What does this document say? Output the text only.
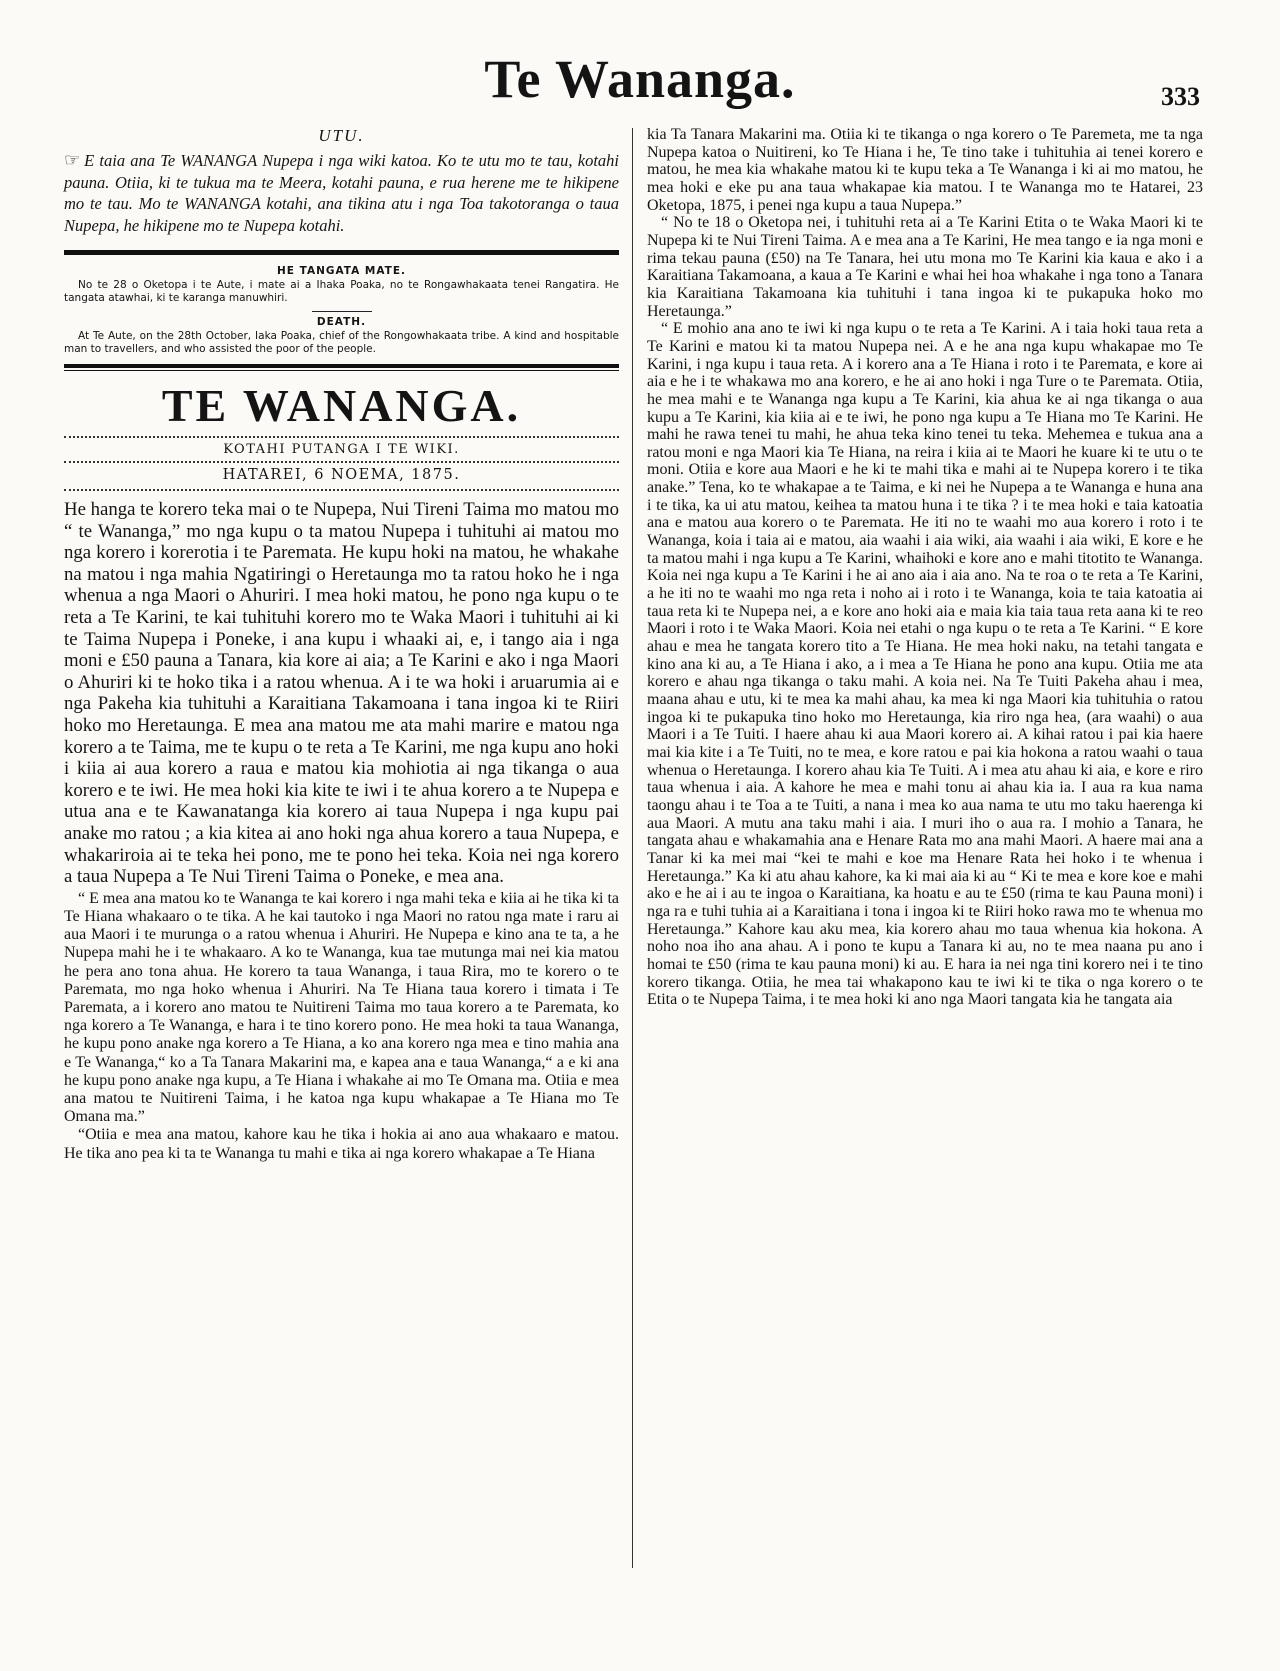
Te Wananga.	333
UTU.

☞ E taia ana Te WANANGA Nupepa i nga wiki katoa. Ko te utu mo te tau, kotahi pauna. Otiia, ki te tukua ma te Meera, kotahi pauna, e rua herene me te hikipene mo te tau. Mo te WANANGA kotahi, ana tikina atu i nga Toa takotoranga o taua Nupepa, he hikipene mo te Nupepa kotahi.

HE TANGATA MATE.

No te 28 o Oketopa i te Aute, i mate ai a Ihaka Poaka, no te Rongawhakaata tenei Rangatira. He tangata atawhai, ki te karanga manuwhiri.

DEATH.

At Te Aute, on the 28th October, Iaka Poaka, chief of the Rongowhakaata tribe. A kind and hospitable man to travellers, and who assisted the poor of the people.

TE WANANGA.
KOTAHI PUTANGA I TE WIKI.
HATAREI, 6 NOEMA, 1875.

He hanga te korero teka mai o te Nupepa, Nui Tireni Taima mo matou mo “ te Wananga,” mo nga kupu o ta matou Nupepa i tuhituhi ai matou mo nga korero i korerotia i te Paremata. He kupu hoki na matou, he whakahe na matou i nga mahia Ngatiringi o Heretaunga mo ta ratou hoko he i nga whenua a nga Maori o Ahuriri. I mea hoki matou, he pono nga kupu o te reta a Te Karini, te kai tuhituhi korero mo te Waka Maori i tuhituhi ai ki te Taima Nupepa i Poneke, i ana kupu i whaaki ai, e, i tango aia i nga moni e £50 pauna a Tanara, kia kore ai aia; a Te Karini e ako i nga Maori o Ahuriri ki te hoko tika i a ratou whenua. A i te wa hoki i aruarumia ai e nga Pakeha kia tuhituhi a Karaitiana Takamoana i tana ingoa ki te Riiri hoko mo Heretaunga. E mea ana matou me ata mahi marire e matou nga korero a te Taima, me te kupu o te reta a Te Karini, me nga kupu ano hoki i kiia ai aua korero a raua e matou kia mohiotia ai nga tikanga o aua korero e te iwi. He mea hoki kia kite te iwi i te ahua korero a te Nupepa e utua ana e te Kawanatanga kia korero ai taua Nupepa i nga kupu pai anake mo ratou ; a kia kitea ai ano hoki nga ahua korero a taua Nupepa, e whakariroia ai te teka hei pono, me te pono hei teka. Koia nei nga korero a taua Nupepa a Te Nui Tireni Taima o Poneke, e mea ana.

“ E mea ana matou ko te Wananga te kai korero i nga mahi teka e kiia ai he tika ki ta Te Hiana whakaaro o te tika. A he kai tautoko i nga Maori no ratou nga mate i raru ai aua Maori i te murunga o a ratou whenua i Ahuriri. He Nupepa e kino ana te ta, a he Nupepa mahi he i te whakaaro. A ko te Wananga, kua tae mutunga mai nei kia matou he pera ano tona ahua. He korero ta taua Wananga, i taua Rira, mo te korero o te Paremata, mo nga hoko whenua i Ahuriri. Na Te Hiana taua korero i timata i Te Paremata, a i korero ano matou te Nuitireni Taima mo taua korero a te Paremata, ko nga korero a Te Wananga, e hara i te tino korero pono. He mea hoki ta taua Wananga, he kupu pono anake nga korero a Te Hiana, a ko ana korero nga mea e tino mahia ana e Te Wananga,“ ko a Ta Tanara Makarini ma, e kapea ana e taua Wananga,“ a e ki ana he kupu pono anake nga kupu, a Te Hiana i whakahe ai mo Te Omana ma. Otiia e mea ana matou te Nuitireni Taima, i he katoa nga kupu whakapae a Te Hiana mo Te Omana ma.”

“Otiia e mea ana matou, kahore kau he tika i hokia ai ano aua whakaaro e matou. He tika ano pea ki ta te Wananga tu mahi e tika ai nga korero whakapae a Te Hiana

kia Ta Tanara Makarini ma. Otiia ki te tikanga o nga korero o Te Paremeta, me ta nga Nupepa katoa o Nuitireni, ko Te Hiana i he, Te tino take i tuhituhia ai tenei korero e matou, he mea kia whakahe matou ki te kupu teka a Te Wananga i ki ai mo matou, he mea hoki e eke pu ana taua whakapae kia matou. I te Wananga mo te Hatarei, 23 Oketopa, 1875, i penei nga kupu a taua Nupepa.”

“ No te 18 o Oketopa nei, i tuhituhi reta ai a Te Karini Etita o te Waka Maori ki te Nupepa ki te Nui Tireni Taima. A e mea ana a Te Karini, He mea tango e ia nga moni e rima tekau pauna (£50) na Te Tanara, hei utu mona mo Te Karini kia kaua e ako i a Karaitiana Takamoana, a kaua a Te Karini e whai hei hoa whakahe i nga tono a Tanara kia Karaitiana Takamoana kia tuhituhi i tana ingoa ki te pukapuka hoko mo Heretaunga.”

“ E mohio ana ano te iwi ki nga kupu o te reta a Te Karini. A i taia hoki taua reta a Te Karini e matou ki ta matou Nupepa nei. A e he ana nga kupu whakapae mo Te Karini, i nga kupu i taua reta. A i korero ana a Te Hiana i roto i te Paremata, e kore ai aia e he i te whakawa mo ana korero, e he ai ano hoki i nga Ture o te Paremata. Otiia, he mea mahi e te Wananga nga kupu a Te Karini, kia ahua ke ai nga tikanga o aua kupu a Te Karini, kia kiia ai e te iwi, he pono nga kupu a Te Hiana mo Te Karini. He mahi he rawa tenei tu mahi, he ahua teka kino tenei tu teka. Mehemea e tukua ana a ratou moni e nga Maori kia Te Hiana, na reira i kiia ai te Maori he kuare ki te utu o te moni. Otiia e kore aua Maori e he ki te mahi tika e mahi ai te Nupepa korero i te tika anake.” Tena, ko te whakapae a te Taima, e ki nei he Nupepa a te Wananga e huna ana i te tika, ka ui atu matou, keihea ta matou huna i te tika ? i te mea hoki e taia katoatia ana e matou aua korero o te Paremata. He iti no te waahi mo aua korero i roto i te Wananga, koia i taia ai e matou, aia waahi i aia wiki, aia waahi i aia wiki, E kore e he ta matou mahi i nga kupu a Te Karini, whaihoki e kore ano e mahi titotito te Wananga. Koia nei nga kupu a Te Karini i he ai ano aia i aia ano. Na te roa o te reta a Te Karini, a he iti no te waahi mo nga reta i noho ai i roto i te Wananga, koia te taia katoatia ai taua reta ki te Nupepa nei, a e kore ano hoki aia e maia kia taia taua reta aana ki te reo Maori i roto i te Waka Maori. Koia nei etahi o nga kupu o te reta a Te Karini. “ E kore ahau e mea he tangata korero tito a Te Hiana. He mea hoki naku, na tetahi tangata e kino ana ki au, a Te Hiana i ako, a i mea a Te Hiana he pono ana kupu. Otiia me ata korero e ahau nga tikanga o taku mahi. A koia nei. Na Te Tuiti Pakeha ahau i mea, maana ahau e utu, ki te mea ka mahi ahau, ka mea ki nga Maori kia tuhituhia o ratou ingoa ki te pukapuka tino hoko mo Heretaunga, kia riro nga hea, (ara waahi) o aua Maori i a Te Tuiti. I haere ahau ki aua Maori korero ai. A kihai ratou i pai kia haere mai kia kite i a Te Tuiti, no te mea, e kore ratou e pai kia hokona a ratou waahi o taua whenua o Heretaunga. I korero ahau kia Te Tuiti. A i mea atu ahau ki aia, e kore e riro taua whenua i aia. A kahore he mea e mahi tonu ai ahau kia ia. I aua ra kua nama taongu ahau i te Toa a te Tuiti, a nana i mea ko aua nama te utu mo taku haerenga ki aua Maori. A mutu ana taku mahi i aia. I muri iho o aua ra. I mohio a Tanara, he tangata ahau e whakamahia ana e Henare Rata mo ana mahi Maori. A haere mai ana a Tanar ki ka mei mai “kei te mahi e koe ma Henare Rata hei hoko i te whenua i Heretaunga.” Ka ki atu ahau kahore, ka ki mai aia ki au “ Ki te mea e kore koe e mahi ako e he ai i au te ingoa o Karaitiana, ka hoatu e au te £50 (rima te kau Pauna moni) i nga ra e tuhi tuhia ai a Karaitiana i tona i ingoa ki te Riiri hoko rawa mo te whenua mo Heretaunga.” Kahore kau aku mea, kia korero ahau mo taua whenua kia hokona. A noho noa iho ana ahau. A i pono te kupu a Tanara ki au, no te mea naana pu ano i homai te £50 (rima te kau pauna moni) ki au. E hara ia nei nga tini korero nei i te tino korero tikanga. Otiia, he mea tai whakapono kau te iwi ki te tika o nga korero o te Etita o te Nupepa Taima, i te mea hoki ki ano nga Maori tangata kia he tangata aia
